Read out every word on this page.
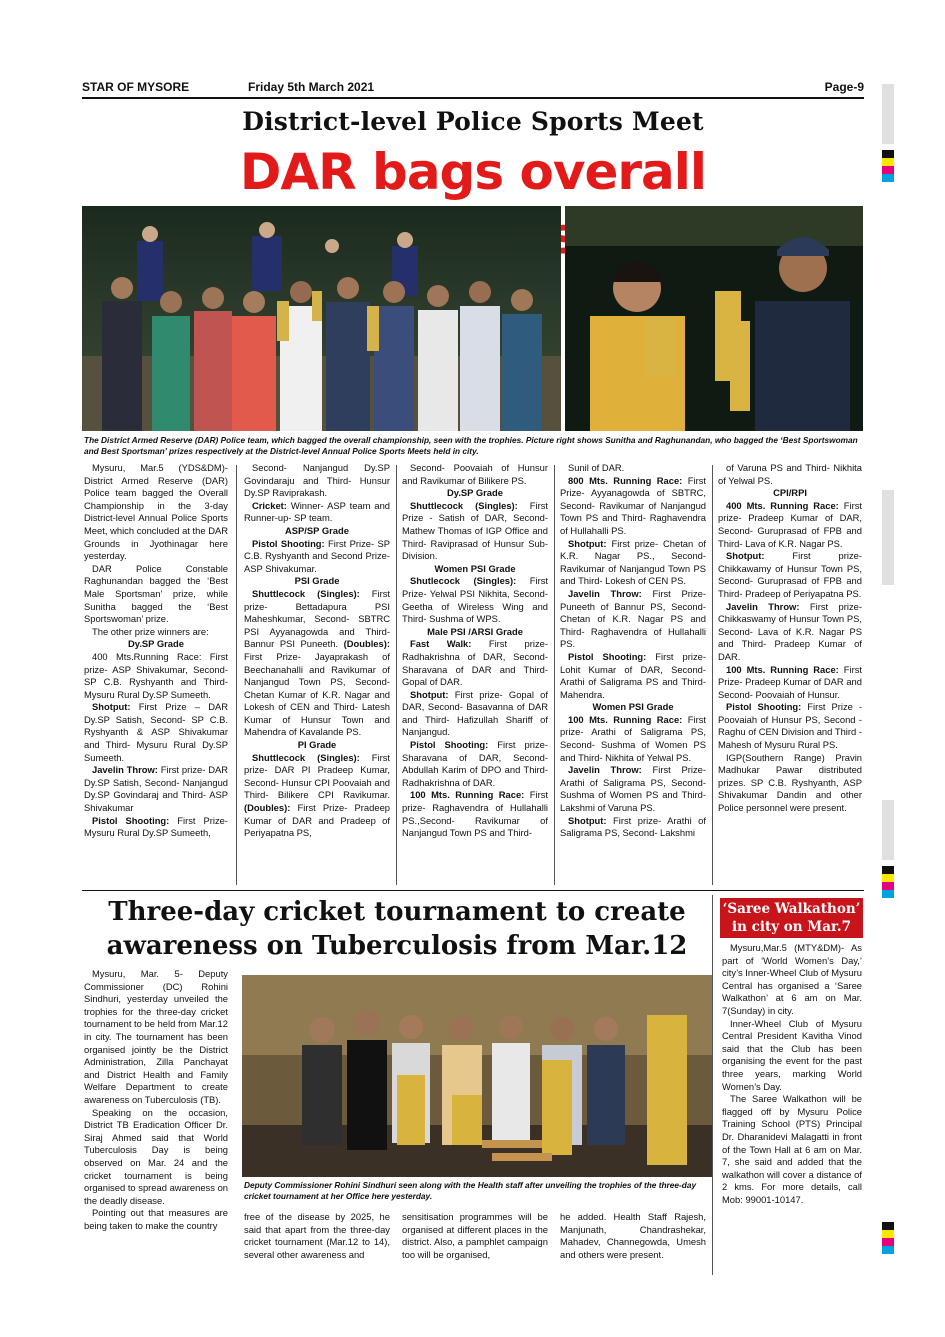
STAR OF MYSORE	Friday 5th March 2021	Page-9
District-level Police Sports Meet
DAR bags overall
The District Armed Reserve (DAR) Police team, which bagged the overall championship, seen with the trophies. Picture right shows Sunitha and Raghunandan, who bagged the ‘Best Sportswoman and Best Sportsman’ prizes respectively at the District-level Annual Police Sports Meets held in city.

Mysuru, Mar.5 (YDS&DM)- District Armed Reserve (DAR) Police team bagged the Overall Championship in the 3-day District-level Annual Police Sports Meet, which concluded at the DAR Grounds in Jyothinagar here yesterday.

DAR Police Constable Raghunandan bagged the ‘Best Male Sportsman’ prize, while Sunitha bagged the ‘Best Sportswoman’ prize.

The other prize winners are:

Dy.SP Grade

400 Mts.Running Race: First prize- ASP Shivakumar, Second- SP C.B. Ryshyanth and Third- Mysuru Rural Dy.SP Sumeeth.

Shotput: First Prize – DAR Dy.SP Satish, Second- SP C.B. Ryshyanth & ASP Shivakumar and Third- Mysuru Rural Dy.SP Sumeeth.

Javelin Throw: First prize- DAR Dy.SP Satish, Second- Nanjangud Dy.SP Govindaraj and Third- ASP Shivakumar

Pistol Shooting: First Prize- Mysuru Rural Dy.SP Sumeeth,

Second- Nanjangud Dy.SP Govindaraju and Third- Hunsur Dy.SP Raviprakash.

Cricket: Winner- ASP team and Runner-up- SP team.

ASP/SP Grade

Pistol Shooting: First Prize- SP C.B. Ryshyanth and Second Prize- ASP Shivakumar.

PSI Grade

Shuttlecock (Singles): First prize- Bettadapura PSI Maheshkumar, Second- SBTRC PSI Ayyanagowda and Third- Bannur PSI Puneeth. (Doubles): First Prize- Jayaprakash of Beechanahalli and Ravikumar of Nanjangud Town PS, Second- Chetan Kumar of K.R. Nagar and Lokesh of CEN and Third- Latesh Kumar of Hunsur Town and Mahendra of Kavalande PS.

PI Grade

Shuttlecock (Singles): First prize- DAR PI Pradeep Kumar, Second- Hunsur CPI Poovaiah and Third- Bilikere CPI Ravikumar. (Doubles): First Prize- Pradeep Kumar of DAR and Pradeep of Periyapatna PS,

Second- Poovaiah of Hunsur and Ravikumar of Bilikere PS.

Dy.SP Grade

Shuttlecock (Singles): First Prize - Satish of DAR, Second- Mathew Thomas of IGP Office and Third- Raviprasad of Hunsur Sub-Division.

Women PSI Grade

Shutlecock (Singles): First Prize- Yelwal PSI Nikhita, Second- Geetha of Wireless Wing and Third- Sushma of WPS.

Male PSI /ARSI Grade

Fast Walk: First prize- Radhakrishna of DAR, Second- Sharavana of DAR and Third- Gopal of DAR.

Shotput: First prize- Gopal of DAR, Second- Basavanna of DAR and Third- Hafizullah Shariff of Nanjangud.

Pistol Shooting: First prize- Sharavana of DAR, Second- Abdullah Karim of DPO and Third- Radhakrishna of DAR.

100 Mts. Running Race: First prize- Raghavendra of Hullahalli PS.,Second- Ravikumar of Nanjangud Town PS and Third-

Sunil of DAR.

800 Mts. Running Race: First Prize- Ayyanagowda of SBTRC, Second- Ravikumar of Nanjangud Town PS and Third- Raghavendra of Hullahalli PS.

Shotput: First prize- Chetan of K.R. Nagar PS., Second- Ravikumar of Nanjangud Town PS and Third- Lokesh of CEN PS.

Javelin Throw: First Prize- Puneeth of Bannur PS, Second- Chetan of K.R. Nagar PS and Third- Raghavendra of Hullahalli PS.

Pistol Shooting: First prize- Lohit Kumar of DAR, Second- Arathi of Saligrama PS and Third- Mahendra.

Women PSI Grade

100 Mts. Running Race: First prize- Arathi of Saligrama PS, Second- Sushma of Women PS and Third- Nikhita of Yelwal PS.

Javelin Throw: First Prize- Arathi of Saligrama PS, Second-Sushma of Women PS and Third- Lakshmi of Varuna PS.

Shotput: First prize- Arathi of Saligrama PS, Second- Lakshmi

of Varuna PS and Third- Nikhita of Yelwal PS.

CPI/RPI

400 Mts. Running Race: First prize- Pradeep Kumar of DAR, Second- Guruprasad of FPB and Third- Lava of K.R. Nagar PS.

Shotput: First prize- Chikkawamy of Hunsur Town PS, Second- Guruprasad of FPB and Third- Pradeep of Periyapatna PS.

Javelin Throw: First prize- Chikkaswamy of Hunsur Town PS, Second- Lava of K.R. Nagar PS and Third- Pradeep Kumar of DAR.

100 Mts. Running Race: First Prize- Pradeep Kumar of DAR and Second- Poovaiah of Hunsur.

Pistol Shooting: First Prize - Poovaiah of Hunsur PS, Second - Raghu of CEN Division and Third - Mahesh of Mysuru Rural PS.

IGP(Southern Range) Pravin Madhukar Pawar distributed prizes. SP C.B. Ryshyanth, ASP Shivakumar Dandin and other Police personnel were present.

Three-day cricket tournament to create
awareness on Tuberculosis from Mar.12

Mysuru, Mar. 5- Deputy Commissioner (DC) Rohini Sindhuri, yesterday unveiled the trophies for the three-day cricket tournament to be held from Mar.12 in city. The tournament has been organised jointly be the District Administration, Zilla Panchayat and District Health and Family Welfare Department to create awareness on Tuberculosis (TB).

Speaking on the occasion, District TB Eradication Officer Dr. Siraj Ahmed said that World Tuberculosis Day is being observed on Mar. 24 and the cricket tournament is being organised to spread awareness on the deadly disease.

Pointing out that measures are being taken to make the country

Deputy Commissioner Rohini Sindhuri seen along with the Health staff after unveiling the trophies of the three-day cricket tournament at her Office here yesterday.

free of the disease by 2025, he said that apart from the three-day cricket tournament (Mar.12 to 14), several other awareness and

sensitisation programmes will be organised at different places in the district. Also, a pamphlet campaign too will be organised,

he added. Health Staff Rajesh, Manjunath, Chandrashekar, Mahadev, Channegowda, Umesh and others were present.

‘Saree Walkathon’
in city on Mar.7

Mysuru,Mar.5 (MTY&DM)- As part of ‘World Women’s Day,’ city’s Inner-Wheel Club of Mysuru Central has organised a ‘Saree Walkathon’ at 6 am on Mar. 7(Sunday) in city.

Inner-Wheel Club of Mysuru Central President Kavitha Vinod said that the Club has been organising the event for the past three years, marking World Women’s Day.

The Saree Walkathon will be flagged off by Mysuru Police Training School (PTS) Principal Dr. Dharanidevi Malagatti in front of the Town Hall at 6 am on Mar. 7, she said and added that the walkathon will cover a distance of 2 kms. For more details, call Mob: 99001-10147.
